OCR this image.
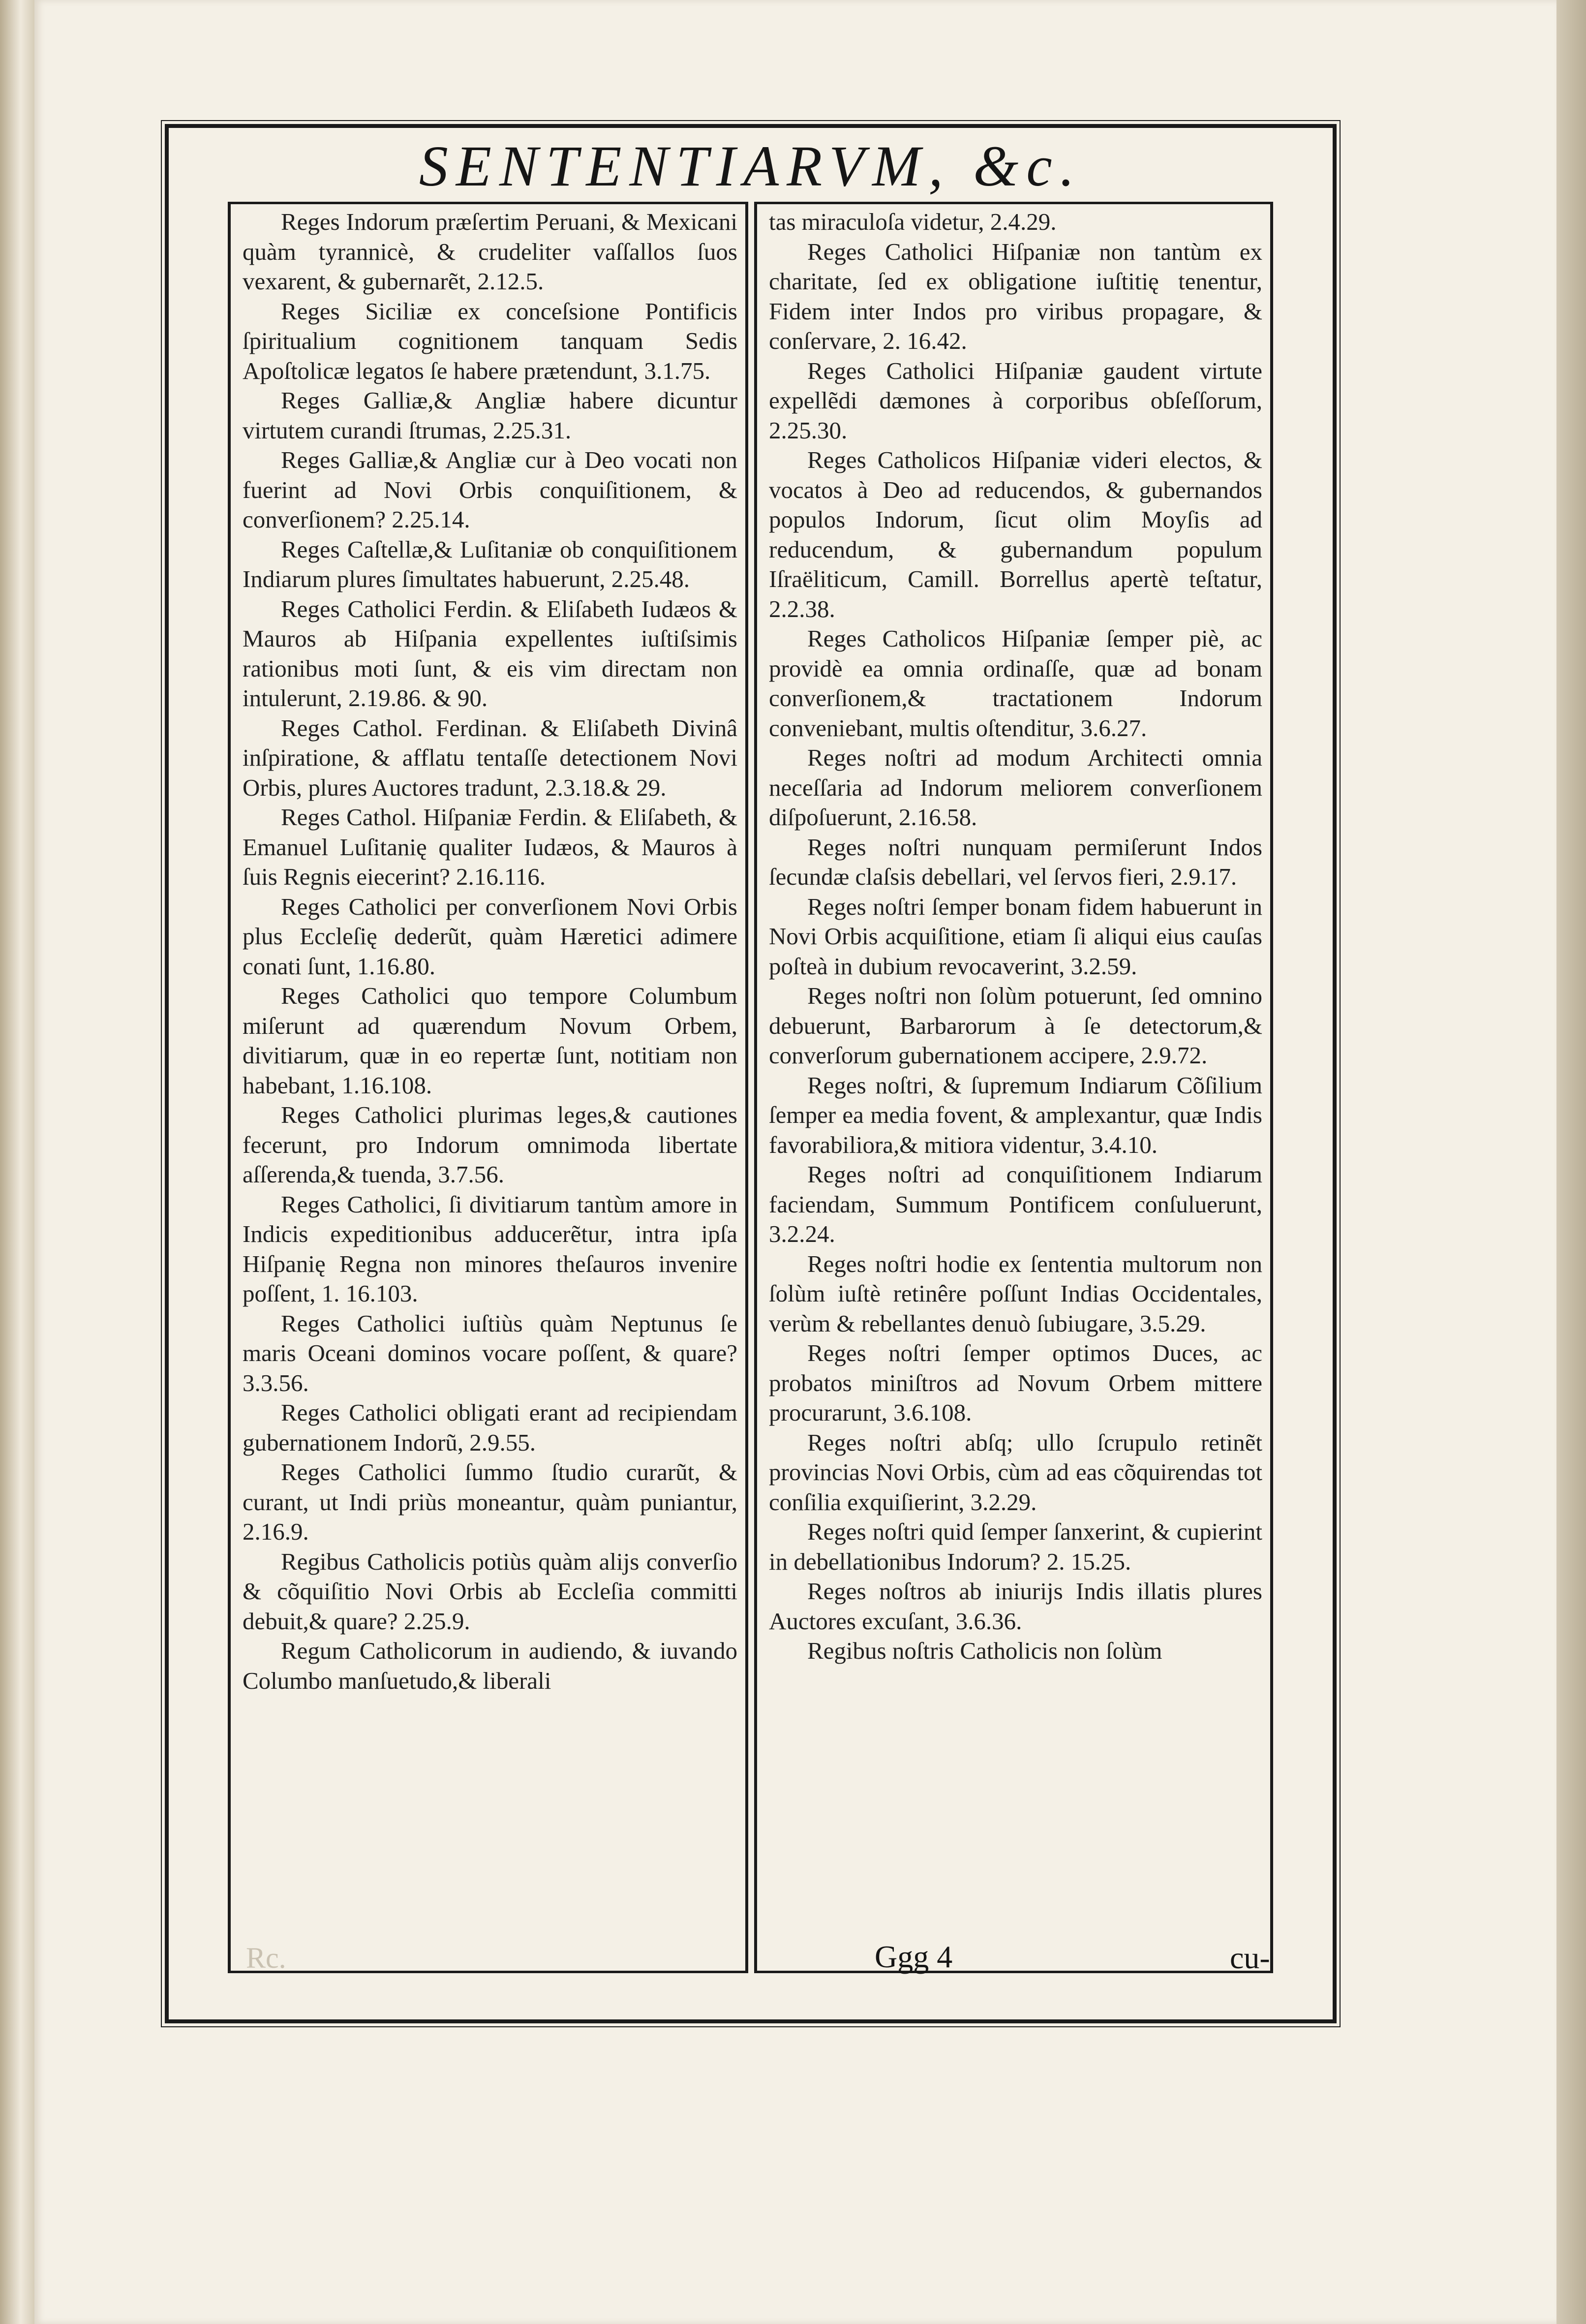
SENTENTIARVM, &c.

Reges Indorum præſertim Peruani, & Mexicani quàm tyrannicè, & crudeliter vaſſallos ſuos vexarent, & gubernarẽt, 2.12.5.

Reges Siciliæ ex conceſsione Pontificis ſpiritualium cognitionem tanquam Sedis Apoſtolicæ legatos ſe habere prætendunt, 3.1.75.

Reges Galliæ,& Angliæ habere dicuntur virtutem curandi ſtrumas, 2.25.31.

Reges Galliæ,& Angliæ cur à Deo vocati non fuerint ad Novi Orbis conquiſitionem, & converſionem? 2.25.14.

Reges Caſtellæ,& Luſitaniæ ob conquiſitionem Indiarum plures ſimultates habuerunt, 2.25.48.

Reges Catholici Ferdin. & Eliſabeth Iudæos & Mauros ab Hiſpania expellentes iuſtiſsimis rationibus moti ſunt, & eis vim directam non intulerunt, 2.19.86. & 90.

Reges Cathol. Ferdinan. & Eliſabeth Divinâ inſpiratione, & afflatu tentaſſe detectionem Novi Orbis, plures Auctores tradunt, 2.3.18.& 29.

Reges Cathol. Hiſpaniæ Ferdin. & Eliſabeth, & Emanuel Luſitanię qualiter Iudæos, & Mauros à ſuis Regnis eiecerint? 2.16.116.

Reges Catholici per converſionem Novi Orbis plus Eccleſię dederũt, quàm Hæretici adimere conati ſunt, 1.16.80.

Reges Catholici quo tempore Columbum miſerunt ad quærendum Novum Orbem, divitiarum, quæ in eo repertæ ſunt, notitiam non habebant, 1.16.108.

Reges Catholici plurimas leges,& cautiones fecerunt, pro Indorum omnimoda libertate aſſerenda,& tuenda, 3.7.56.

Reges Catholici, ſi divitiarum tantùm amore in Indicis expeditionibus adducerẽtur, intra ipſa Hiſpanię Regna non minores theſauros invenire poſſent, 1. 16.103.

Reges Catholici iuſtiùs quàm Neptunus ſe maris Oceani dominos vocare poſſent, & quare? 3.3.56.

Reges Catholici obligati erant ad recipiendam gubernationem Indorũ, 2.9.55.

Reges Catholici ſummo ſtudio curarũt, & curant, ut Indi priùs moneantur, quàm puniantur, 2.16.9.

Regibus Catholicis potiùs quàm alijs converſio & cõquiſitio Novi Orbis ab Eccleſia committi debuit,& quare? 2.25.9.

Regum Catholicorum in audiendo, & iuvando Columbo manſuetudo,& liberali

tas miraculoſa videtur, 2.4.29.

Reges Catholici Hiſpaniæ non tantùm ex charitate, ſed ex obligatione iuſtitię tenentur, Fidem inter Indos pro viribus propagare, & conſervare, 2. 16.42.

Reges Catholici Hiſpaniæ gaudent virtute expellẽdi dæmones à corporibus obſeſſorum, 2.25.30.

Reges Catholicos Hiſpaniæ videri electos, & vocatos à Deo ad reducendos, & gubernandos populos Indorum, ſicut olim Moyſis ad reducendum, & gubernandum populum Iſraëliticum, Camill. Borrellus apertè teſtatur, 2.2.38.

Reges Catholicos Hiſpaniæ ſemper piè, ac providè ea omnia ordinaſſe, quæ ad bonam converſionem,& tractationem Indorum conveniebant, multis oſtenditur, 3.6.27.

Reges noſtri ad modum Architecti omnia neceſſaria ad Indorum meliorem converſionem diſpoſuerunt, 2.16.58.

Reges noſtri nunquam permiſerunt Indos ſecundæ claſsis debellari, vel ſervos fieri, 2.9.17.

Reges noſtri ſemper bonam fidem habuerunt in Novi Orbis acquiſitione, etiam ſi aliqui eius cauſas poſteà in dubium revocaverint, 3.2.59.

Reges noſtri non ſolùm potuerunt, ſed omnino debuerunt, Barbarorum à ſe detectorum,& converſorum gubernationem accipere, 2.9.72.

Reges noſtri, & ſupremum Indiarum Cõſilium ſemper ea media fovent, & amplexantur, quæ Indis favorabiliora,& mitiora videntur, 3.4.10.

Reges noſtri ad conquiſitionem Indiarum faciendam, Summum Pontificem conſuluerunt, 3.2.24.

Reges noſtri hodie ex ſententia multorum non ſolùm iuſtè retinêre poſſunt Indias Occidentales, verùm & rebellantes denuò ſubiugare, 3.5.29.

Reges noſtri ſemper optimos Duces, ac probatos miniſtros ad Novum Orbem mittere procurarunt, 3.6.108.

Reges noſtri abſq; ullo ſcrupulo retinẽt provincias Novi Orbis, cùm ad eas cõquirendas tot conſilia exquiſierint, 3.2.29.

Reges noſtri quid ſemper ſanxerint, & cupierint in debellationibus Indorum? 2. 15.25.

Reges noſtros ab iniurijs Indis illatis plures Auctores excuſant, 3.6.36.

Regibus noſtris Catholicis non ſolùm

Rc.	Ggg 4	cu-
